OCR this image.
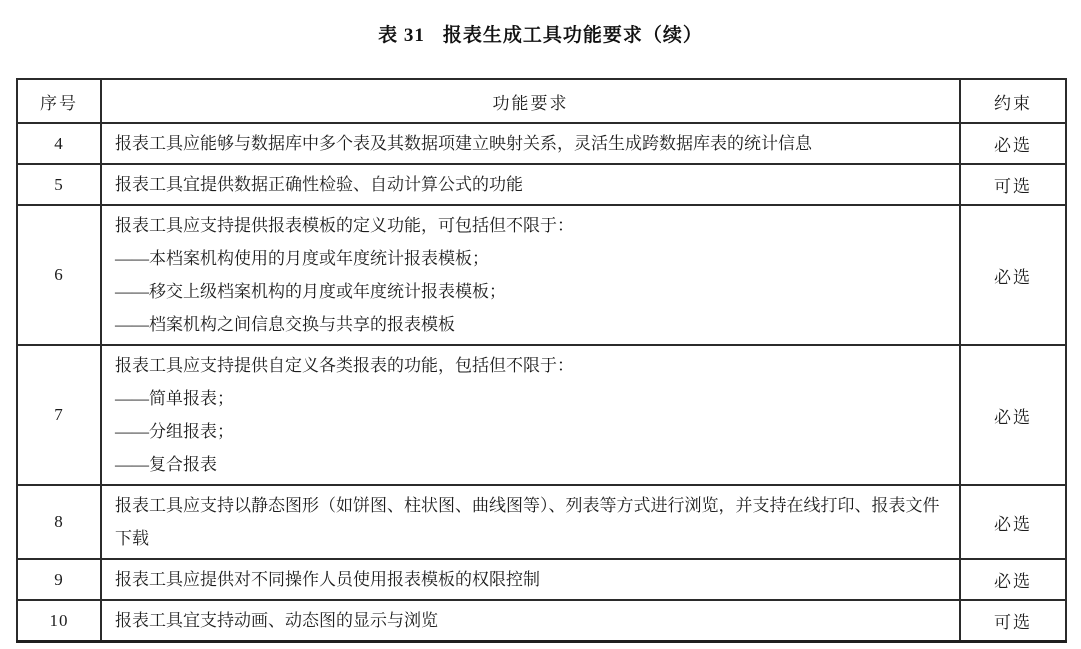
表 31 报表生成工具功能要求（续）
序号	功能要求	约束
4	报表工具应能够与数据库中多个表及其数据项建立映射关系，灵活生成跨数据库表的统计信息	必选
5	报表工具宜提供数据正确性检验、自动计算公式的功能	可选
6	报表工具应支持提供报表模板的定义功能，可包括但不限于：
——本档案机构使用的月度或年度统计报表模板；
——移交上级档案机构的月度或年度统计报表模板；
——档案机构之间信息交换与共享的报表模板	必选
7	报表工具应支持提供自定义各类报表的功能，包括但不限于：
——简单报表；
——分组报表；
——复合报表	必选
8	报表工具应支持以静态图形（如饼图、柱状图、曲线图等）、列表等方式进行浏览，并支持在线打印、报表文件下载	必选
9	报表工具应提供对不同操作人员使用报表模板的权限控制	必选
10	报表工具宜支持动画、动态图的显示与浏览	可选
